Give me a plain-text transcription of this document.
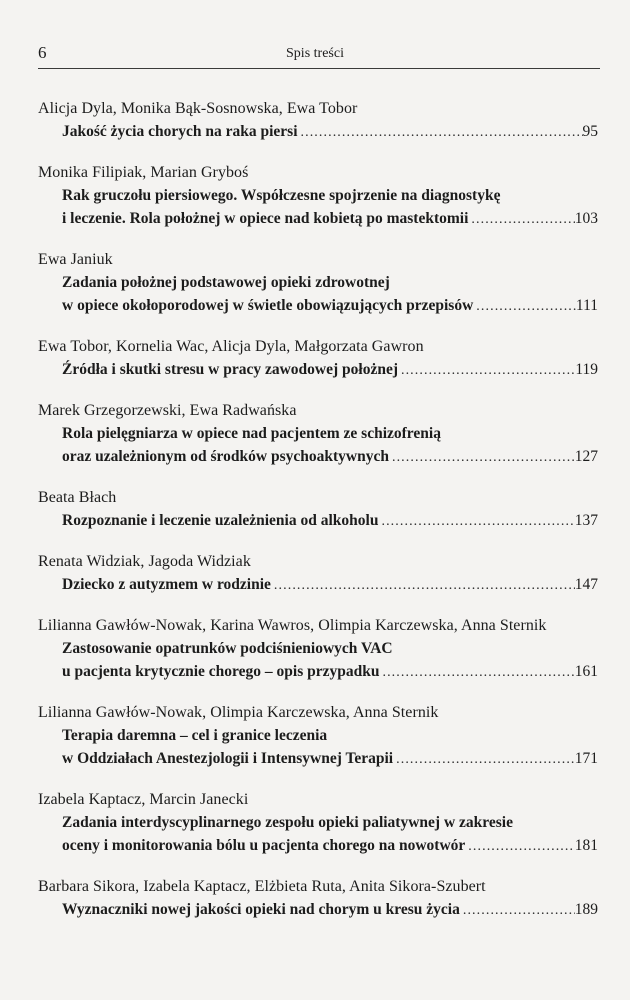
6	Spis treści
Alicja Dyla, Monika Bąk-Sosnowska, Ewa Tobor
Jakość życia chorych na raka piersi . . .	95
Monika Filipiak, Marian Gryboś
Rak gruczołu piersiowego. Współczesne spojrzenie na diagnostykę
i leczenie. Rola położnej w opiece nad kobietą po mastektomii . . .	103
Ewa Janiuk
Zadania położnej podstawowej opieki zdrowotnej
w opiece okołoporodowej w świetle obowiązujących przepisów . . .	111
Ewa Tobor, Kornelia Wac, Alicja Dyla, Małgorzata Gawron
Źródła i skutki stresu w pracy zawodowej położnej . . .	119
Marek Grzegorzewski, Ewa Radwańska
Rola pielęgniarza w opiece nad pacjentem ze schizofrenią
oraz uzależnionym od środków psychoaktywnych . . .	127
Beata Błach
Rozpoznanie i leczenie uzależnienia od alkoholu . . .	137
Renata Widziak, Jagoda Widziak
Dziecko z autyzmem w rodzinie . . .	147
Lilianna Gawłów-Nowak, Karina Wawros, Olimpia Karczewska, Anna Sternik
Zastosowanie opatrunków podciśnieniowych VAC
u pacjenta krytycznie chorego – opis przypadku . . .	161
Lilianna Gawłów-Nowak, Olimpia Karczewska, Anna Sternik
Terapia daremna – cel i granice leczenia
w Oddziałach Anestezjologii i Intensywnej Terapii . . .	171
Izabela Kaptacz, Marcin Janecki
Zadania interdyscyplinarnego zespołu opieki paliatywnej w zakresie
oceny i monitorowania bólu u pacjenta chorego na nowotwór . . .	181
Barbara Sikora, Izabela Kaptacz, Elżbieta Ruta, Anita Sikora-Szubert
Wyznaczniki nowej jakości opieki nad chorym u kresu życia . . .	189
